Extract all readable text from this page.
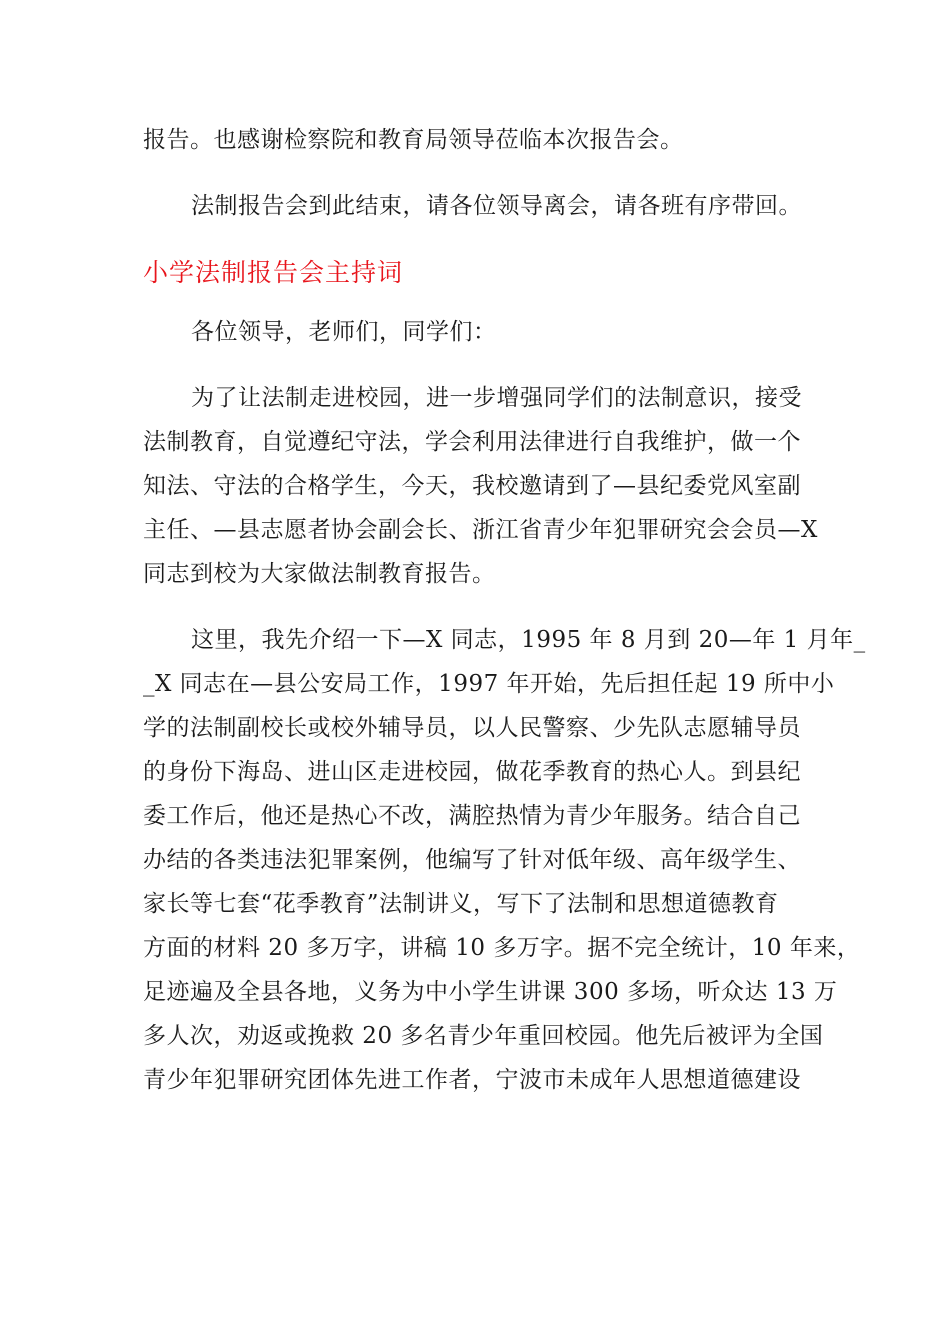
报告。也感谢检察院和教育局领导莅临本次报告会。
法制报告会到此结束，请各位领导离会，请各班有序带回。
小学法制报告会主持词
各位领导，老师们，同学们：
为了让法制走进校园，进一步增强同学们的法制意识，接受
法制教育，自觉遵纪守法，学会利用法律进行自我维护，做一个
知法、守法的合格学生，今天，我校邀请到了—县纪委党风室副
主任、—县志愿者协会副会长、浙江省青少年犯罪研究会会员—X
同志到校为大家做法制教育报告。
这里，我先介绍一下—X 同志，1995 年 8 月到 20—年 1 月年_
_X 同志在—县公安局工作，1997 年开始，先后担任起 19 所中小
学的法制副校长或校外辅导员，以人民警察、少先队志愿辅导员
的身份下海岛、进山区走进校园，做花季教育的热心人。到县纪
委工作后，他还是热心不改，满腔热情为青少年服务。结合自己
办结的各类违法犯罪案例，他编写了针对低年级、高年级学生、
家长等七套“花季教育”法制讲义，写下了法制和思想道德教育
方面的材料 20 多万字，讲稿 10 多万字。据不完全统计，10 年来，
足迹遍及全县各地，义务为中小学生讲课 300 多场，听众达 13 万
多人次，劝返或挽救 20 多名青少年重回校园。他先后被评为全国
青少年犯罪研究团体先进工作者，宁波市未成年人思想道德建设
